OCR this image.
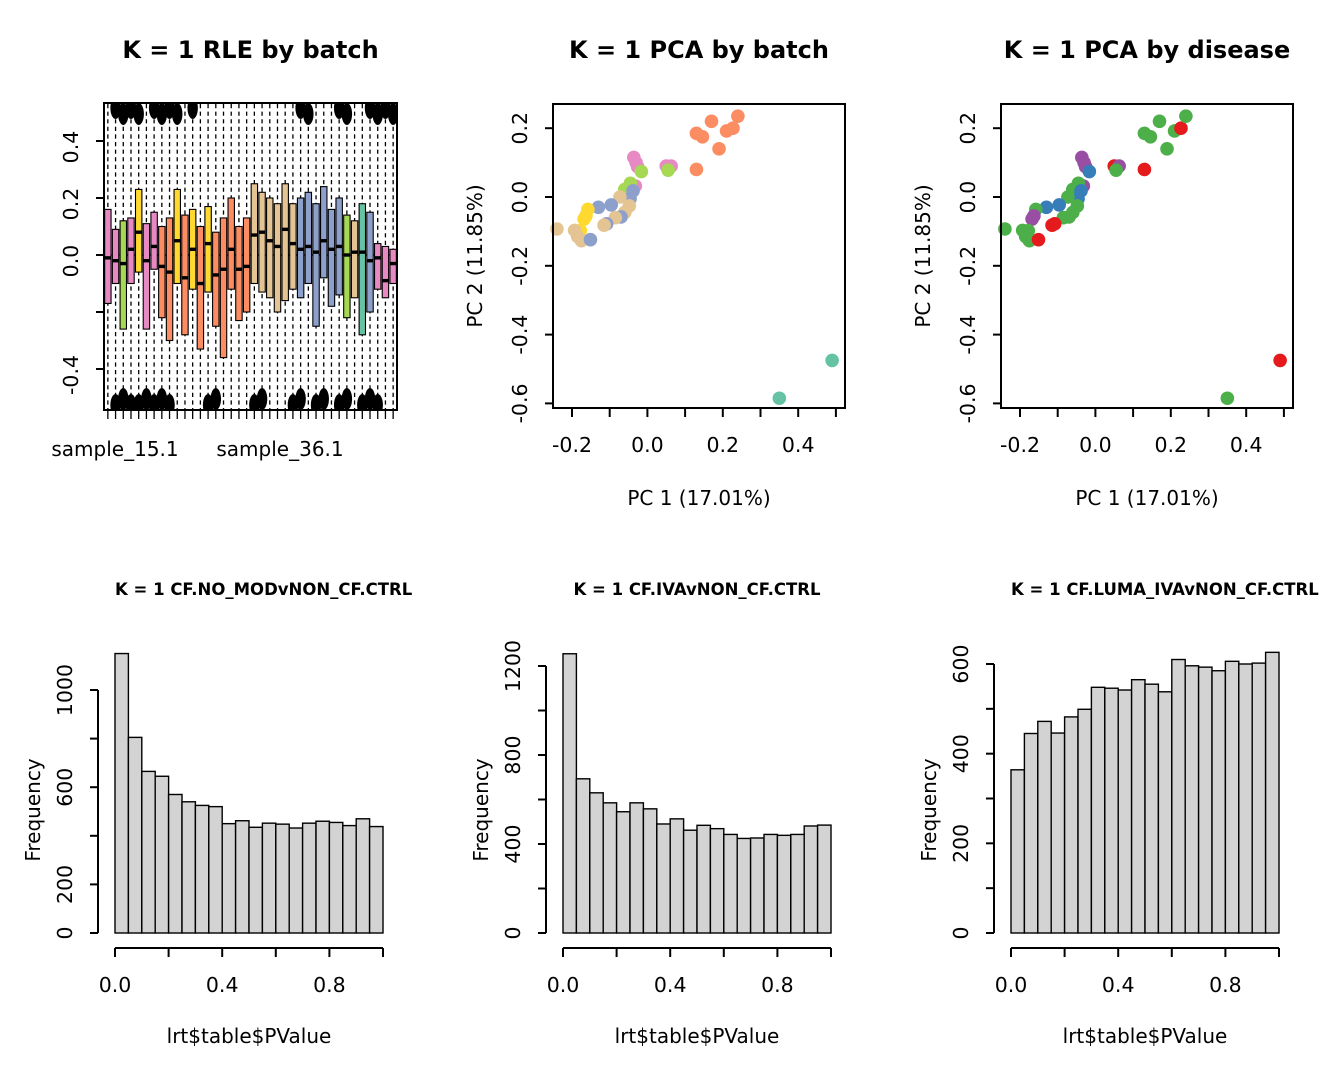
0.4
0.2
0.0
-0.4
K = 1 RLE by batch
sample_15.1	sample_36.1	-0.2 0.0 0.2 0.4
0.2
0.0
-0.2
-0.4
-0.6
K = 1 PCA by batch
PC 1 (17.01%)
PC 2 (11.85%)
-0.2 0.0 0.2 0.4
0.2
0.0
-0.2
-0.4
-0.6
K = 1 PCA by disease
PC 1 (17.01%)
PC 2 (11.85%)
0
200
600
1000
0.0	0.4	0.8
K = 1 CF.NO_MODvNON_CF.CTRL
lrt$table$PValue
Frequency
0
400
800
1200
0.0	0.4	0.8
K = 1 CF.IVAvNON_CF.CTRL
lrt$table$PValue
Frequency
0
200
400
600
0.0	0.4	0.8
K = 1 CF.LUMA_IVAvNON_CF.CTRL
lrt$table$PValue
Frequency
